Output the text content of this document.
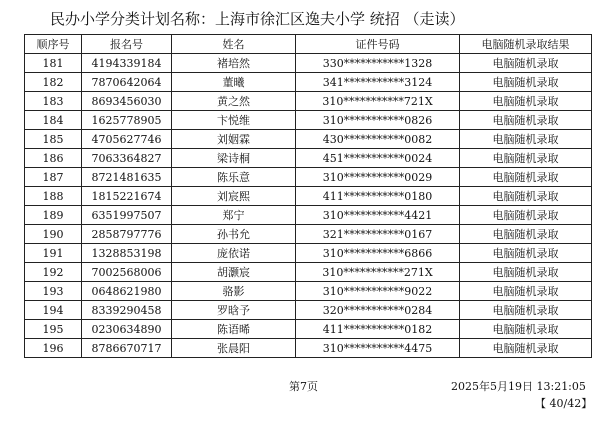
民办小学分类计划名称：上海市徐汇区逸夫小学 统招 （走读）
顺序号	报名号	姓名	证件号码	电脑随机录取结果
181	4194339184	褚培然	330***********1328	电脑随机录取
182	7870642064	董曦	341***********3124	电脑随机录取
183	8693456030	黄之然	310***********721X	电脑随机录取
184	1625778905	卞悦维	310***********0826	电脑随机录取
185	4705627746	刘姻霖	430***********0082	电脑随机录取
186	7063364827	梁诗桐	451***********0024	电脑随机录取
187	8721481635	陈乐意	310***********0029	电脑随机录取
188	1815221674	刘宸熙	411***********0180	电脑随机录取
189	6351997507	郑宁	310***********4421	电脑随机录取
190	2858797776	孙书允	321***********0167	电脑随机录取
191	1328853198	庞依诺	310***********6866	电脑随机录取
192	7002568006	胡灏宸	310***********271X	电脑随机录取
193	0648621980	骆影	310***********9022	电脑随机录取
194	8339290458	罗晗予	320***********0284	电脑随机录取
195	0230634890	陈语晞	411***********0182	电脑随机录取
196	8786670717	张晨阳	310***********4475	电脑随机录取
第7页	2025年5月19日 13:21:05
【 40/42】
